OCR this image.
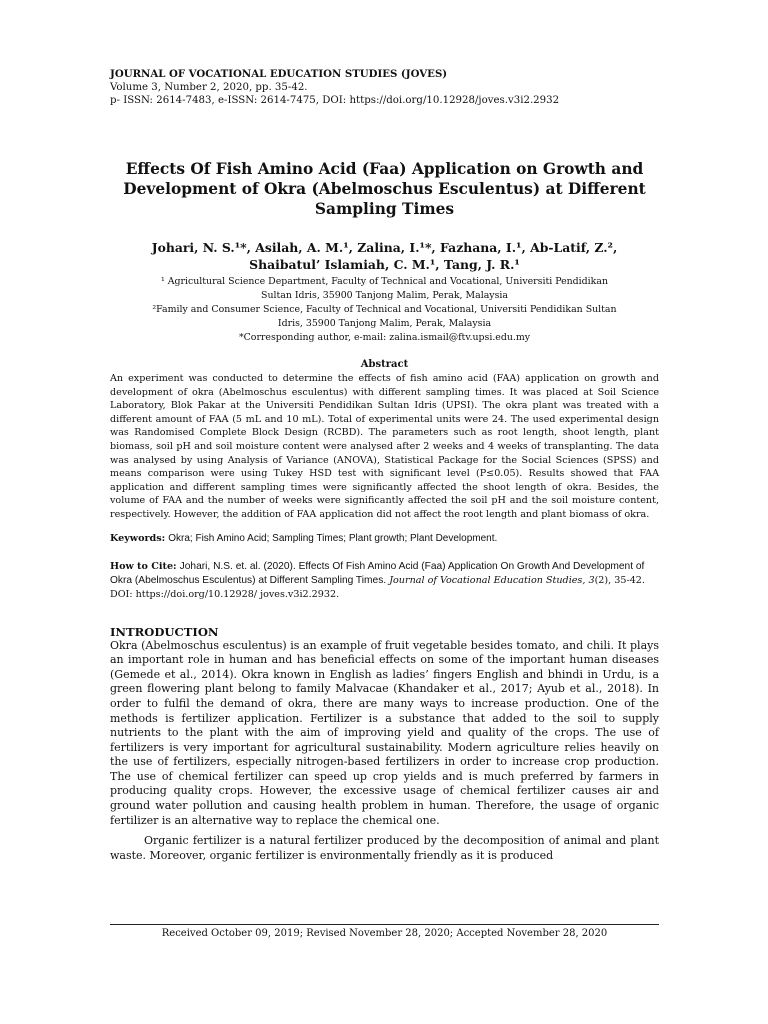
JOURNAL OF VOCATIONAL EDUCATION STUDIES (JOVES)
Volume 3, Number 2, 2020, pp. 35-42.
p- ISSN: 2614-7483, e-ISSN: 2614-7475, DOI: https://doi.org/10.12928/joves.v3i2.2932
Effects Of Fish Amino Acid (Faa) Application on Growth and
Development of Okra (Abelmoschus Esculentus) at Different
Sampling Times
Johari, N. S.¹*, Asilah, A. M.¹, Zalina, I.¹*, Fazhana, I.¹, Ab-Latif, Z.²,
Shaibatul’ Islamiah, C. M.¹, Tang, J. R.¹
¹ Agricultural Science Department, Faculty of Technical and Vocational, Universiti Pendidikan
Sultan Idris, 35900 Tanjong Malim, Perak, Malaysia
²Family and Consumer Science, Faculty of Technical and Vocational, Universiti Pendidikan Sultan
Idris, 35900 Tanjong Malim, Perak, Malaysia
*Corresponding author, e-mail: zalina.ismail@ftv.upsi.edu.my
Abstract
An experiment was conducted to determine the effects of fish amino acid (FAA) application on growth and development of okra (Abelmoschus esculentus) with different sampling times. It was placed at Soil Science Laboratory, Blok Pakar at the Universiti Pendidikan Sultan Idris (UPSI). The okra plant was treated with a different amount of FAA (5 mL and 10 mL). Total of experimental units were 24. The used experimental design was Randomised Complete Block Design (RCBD). The parameters such as root length, shoot length, plant biomass, soil pH and soil moisture content were analysed after 2 weeks and 4 weeks of transplanting. The data was analysed by using Analysis of Variance (ANOVA), Statistical Package for the Social Sciences (SPSS) and means comparison were using Tukey HSD test with significant level (P≤0.05). Results showed that FAA application and different sampling times were significantly affected the shoot length of okra. Besides, the volume of FAA and the number of weeks were significantly affected the soil pH and the soil moisture content, respectively. However, the addition of FAA application did not affect the root length and plant biomass of okra.
Keywords: Okra; Fish Amino Acid; Sampling Times; Plant growth; Plant Development.
How to Cite: Johari, N.S. et. al. (2020). Effects Of Fish Amino Acid (Faa) Application On Growth And Development of Okra (Abelmoschus Esculentus) at Different Sampling Times. Journal of Vocational Education Studies, 3(2), 35-42. DOI: https://doi.org/10.12928/ joves.v3i2.2932.
INTRODUCTION
Okra (Abelmoschus esculentus) is an example of fruit vegetable besides tomato, and chili. It plays an important role in human and has beneficial effects on some of the important human diseases (Gemede et al., 2014). Okra known in English as ladies’ fingers English and bhindi in Urdu, is a green flowering plant belong to family Malvacae (Khandaker et al., 2017; Ayub et al., 2018). In order to fulfil the demand of okra, there are many ways to increase production. One of the methods is fertilizer application. Fertilizer is a substance that added to the soil to supply nutrients to the plant with the aim of improving yield and quality of the crops. The use of fertilizers is very important for agricultural sustainability. Modern agriculture relies heavily on the use of fertilizers, especially nitrogen-based fertilizers in order to increase crop production. The use of chemical fertilizer can speed up crop yields and is much preferred by farmers in producing quality crops. However, the excessive usage of chemical fertilizer causes air and ground water pollution and causing health problem in human. Therefore, the usage of organic fertilizer is an alternative way to replace the chemical one.
Organic fertilizer is a natural fertilizer produced by the decomposition of animal and plant waste. Moreover, organic fertilizer is environmentally friendly as it is produced
Received October 09, 2019; Revised November 28, 2020; Accepted November 28, 2020
